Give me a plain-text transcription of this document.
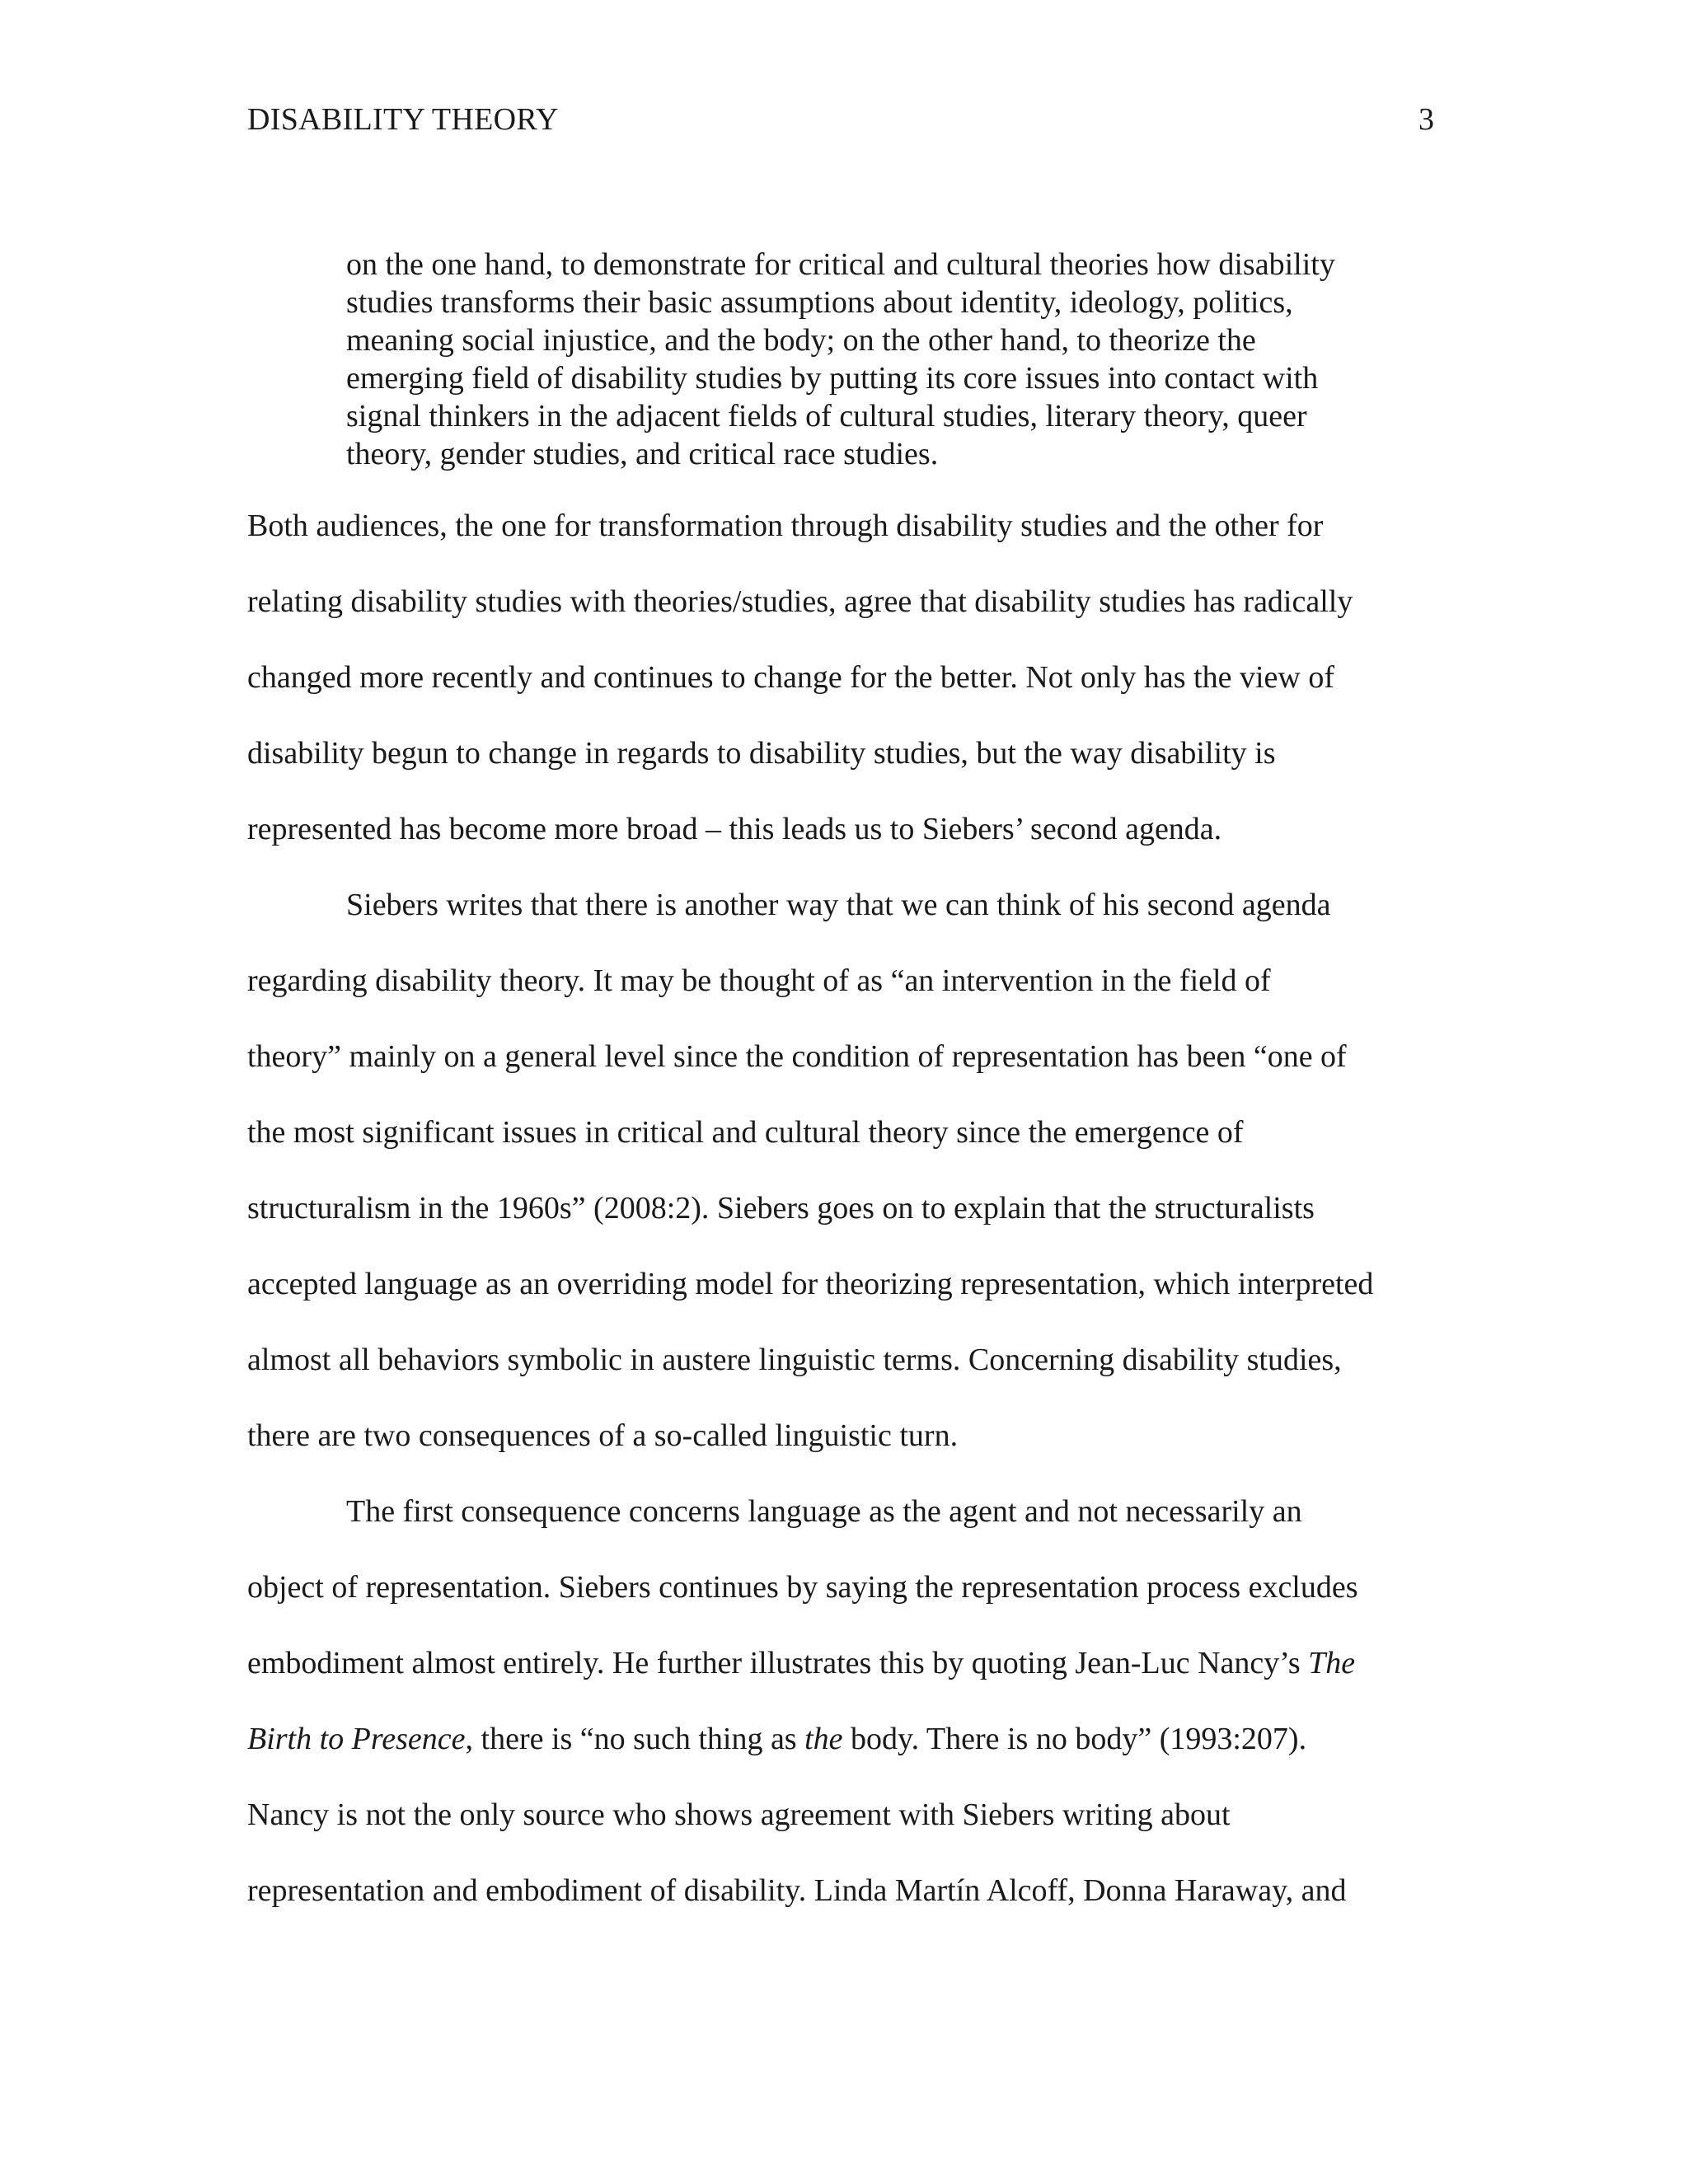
DISABILITY THEORY	3
on the one hand, to demonstrate for critical and cultural theories how disability
studies transforms their basic assumptions about identity, ideology, politics,
meaning social injustice, and the body; on the other hand, to theorize the
emerging field of disability studies by putting its core issues into contact with
signal thinkers in the adjacent fields of cultural studies, literary theory, queer
theory, gender studies, and critical race studies.
Both audiences, the one for transformation through disability studies and the other for
relating disability studies with theories/studies, agree that disability studies has radically
changed more recently and continues to change for the better. Not only has the view of
disability begun to change in regards to disability studies, but the way disability is
represented has become more broad – this leads us to Siebers’ second agenda.
Siebers writes that there is another way that we can think of his second agenda
regarding disability theory. It may be thought of as “an intervention in the field of
theory” mainly on a general level since the condition of representation has been “one of
the most significant issues in critical and cultural theory since the emergence of
structuralism in the 1960s” (2008:2). Siebers goes on to explain that the structuralists
accepted language as an overriding model for theorizing representation, which interpreted
almost all behaviors symbolic in austere linguistic terms. Concerning disability studies,
there are two consequences of a so-called linguistic turn.
The first consequence concerns language as the agent and not necessarily an
object of representation. Siebers continues by saying the representation process excludes
embodiment almost entirely. He further illustrates this by quoting Jean-Luc Nancy’s The
Birth to Presence, there is “no such thing as the body. There is no body” (1993:207).
Nancy is not the only source who shows agreement with Siebers writing about
representation and embodiment of disability. Linda Martín Alcoff, Donna Haraway, and
